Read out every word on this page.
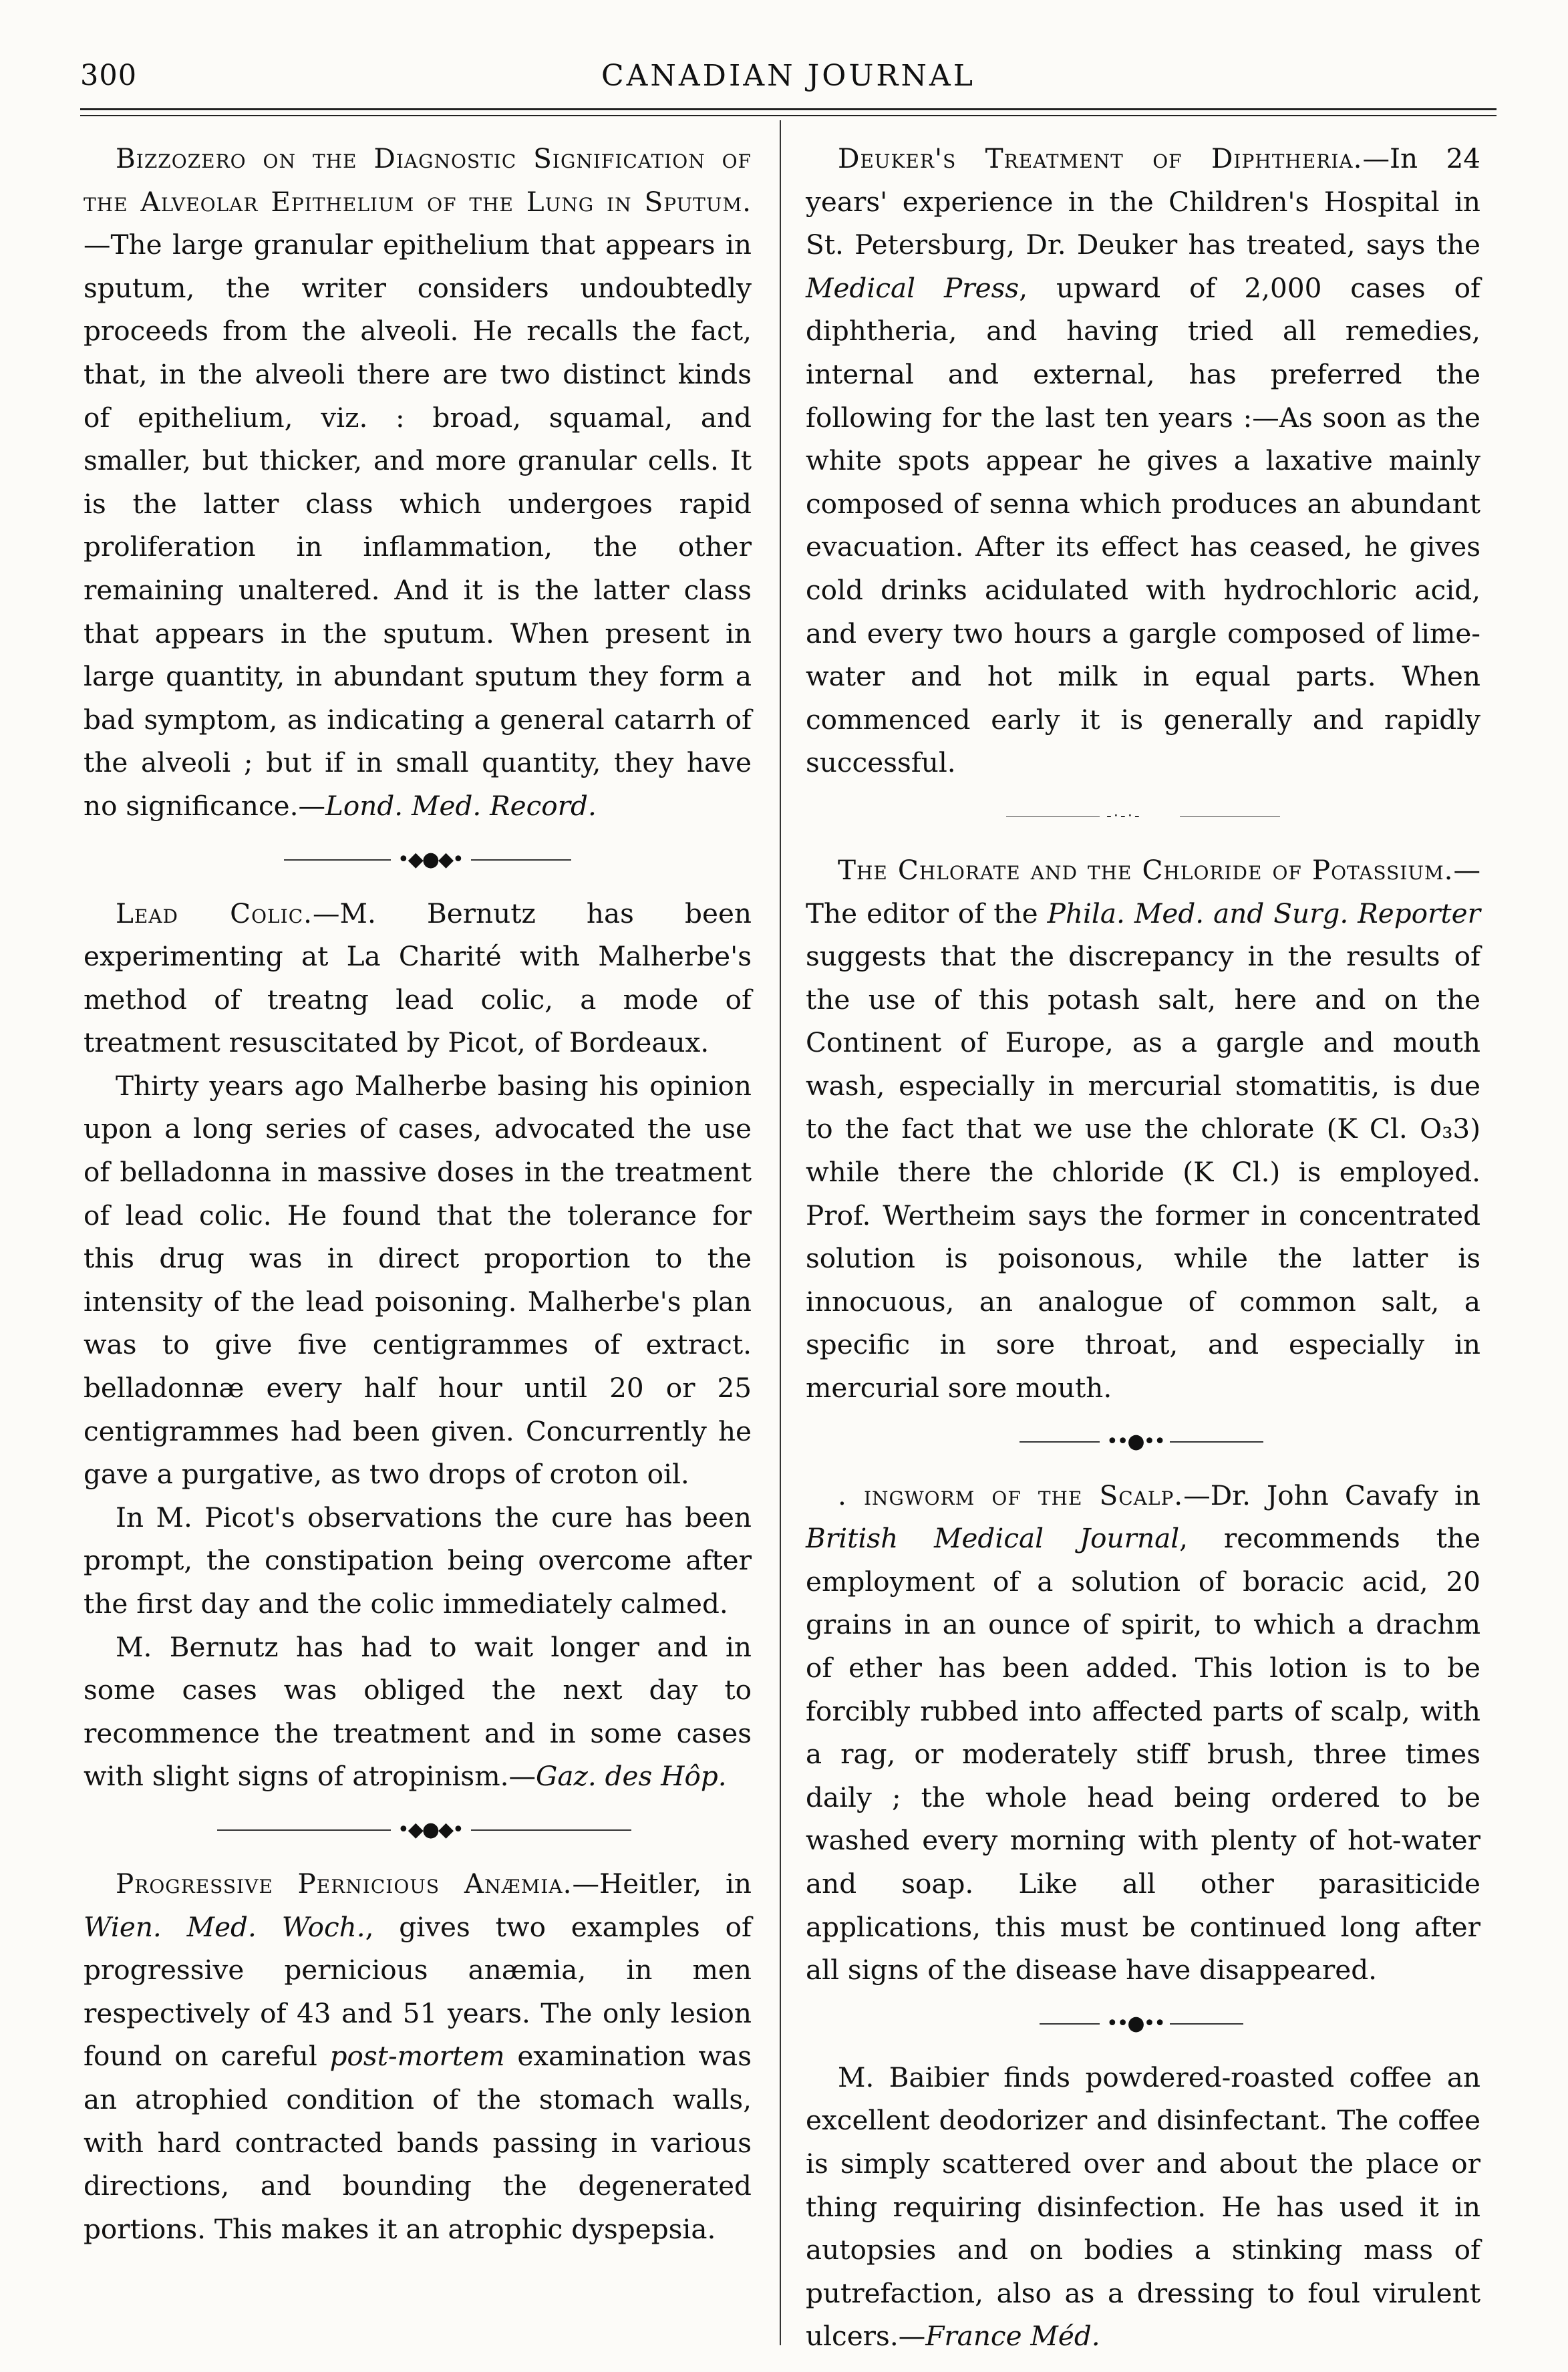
300	CANADIAN JOURNAL

Bizzozero on the Diagnostic Signification of the Alveolar Epithelium of the Lung in Sputum.—The large granular epithelium that appears in sputum, the writer considers undoubtedly proceeds from the alveoli. He recalls the fact, that, in the alveoli there are two distinct kinds of epithelium, viz. : broad, squamal, and smaller, but thicker, and more granular cells. It is the latter class which undergoes rapid proliferation in inflammation, the other remaining unaltered. And it is the latter class that appears in the sputum. When present in large quantity, in abundant sputum they form a bad symptom, as indicating a general catarrh of the alveoli ; but if in small quantity, they have no significance.—Lond. Med. Record.

•◆●◆•

Lead Colic.—M. Bernutz has been experimenting at La Charité with Malherbe's method of treatng lead colic, a mode of treatment resuscitated by Picot, of Bordeaux.

Thirty years ago Malherbe basing his opinion upon a long series of cases, advocated the use of belladonna in massive doses in the treatment of lead colic. He found that the tolerance for this drug was in direct proportion to the intensity of the lead poisoning. Malherbe's plan was to give five centigrammes of extract. belladonnæ every half hour until 20 or 25 centigrammes had been given. Concurrently he gave a purgative, as two drops of croton oil.

In M. Picot's observations the cure has been prompt, the constipation being overcome after the first day and the colic immediately calmed.

M. Bernutz has had to wait longer and in some cases was obliged the next day to recommence the treatment and in some cases with slight signs of atropinism.—Gaz. des Hôp.

•◆●◆•

Progressive Pernicious Anæmia.—Heitler, in Wien. Med. Woch., gives two examples of progressive pernicious anæmia, in men respectively of 43 and 51 years. The only lesion found on careful post-mortem examination was an atrophied condition of the stomach walls, with hard contracted bands passing in various directions, and bounding the degenerated portions. This makes it an atrophic dyspepsia.

Deuker's Treatment of Diphtheria.—In 24 years' experience in the Children's Hospital in St. Petersburg, Dr. Deuker has treated, says the Medical Press, upward of 2,000 cases of diphtheria, and having tried all remedies, internal and external, has preferred the following for the last ten years :—As soon as the white spots appear he gives a laxative mainly composed of senna which produces an abundant evacuation. After its effect has ceased, he gives cold drinks acidulated with hydrochloric acid, and every two hours a gargle composed of lime-water and hot milk in equal parts. When commenced early it is generally and rapidly successful.

- · - · -

The Chlorate and the Chloride of Potassium.—The editor of the Phila. Med. and Surg. Reporter suggests that the discrepancy in the results of the use of this potash salt, here and on the Continent of Europe, as a gargle and mouth wash, especially in mercurial stomatitis, is due to the fact that we use the chlorate (K Cl. O₃3) while there the chloride (K Cl.) is employed. Prof. Wertheim says the former in concentrated solution is poisonous, while the latter is innocuous, an analogue of common salt, a specific in sore throat, and especially in mercurial sore mouth.

••●••

. ingworm of the Scalp.—Dr. John Cavafy in British Medical Journal, recommends the employment of a solution of boracic acid, 20 grains in an ounce of spirit, to which a drachm of ether has been added. This lotion is to be forcibly rubbed into affected parts of scalp, with a rag, or moderately stiff brush, three times daily ; the whole head being ordered to be washed every morning with plenty of hot-water and soap. Like all other parasiticide applications, this must be continued long after all signs of the disease have disappeared.

••●••

M. Baibier finds powdered-roasted coffee an excellent deodorizer and disinfectant. The coffee is simply scattered over and about the place or thing requiring disinfection. He has used it in autopsies and on bodies a stinking mass of putrefaction, also as a dressing to foul virulent ulcers.—France Méd.
